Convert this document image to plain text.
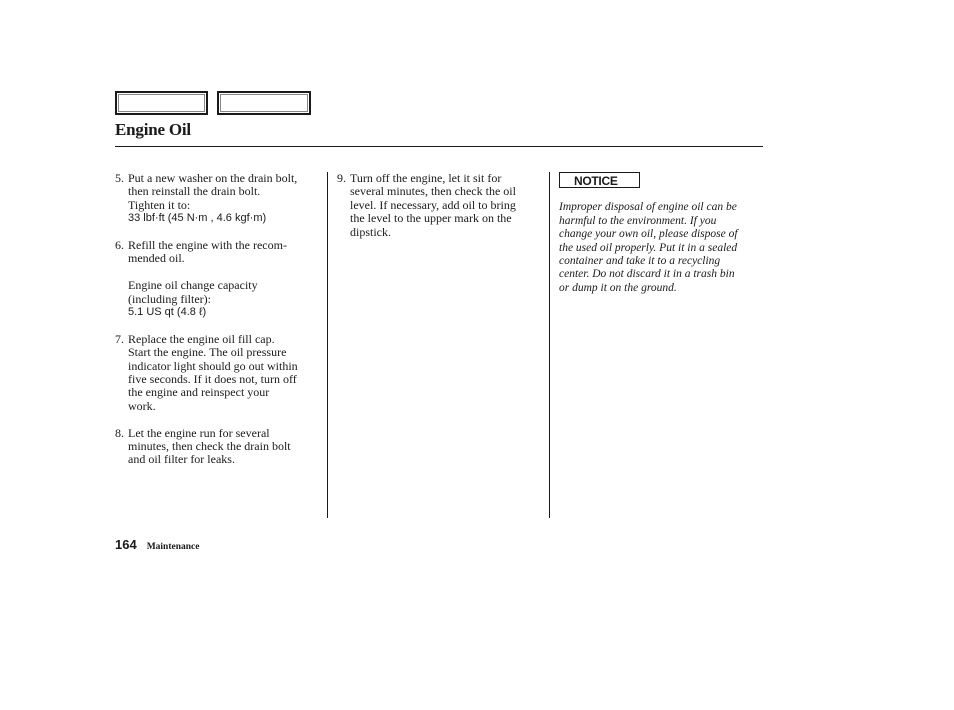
Engine Oil
5. Put a new washer on the drain bolt,
then reinstall the drain bolt.
Tighten it to:
33 lbf·ft (45 N·m , 4.6 kgf·m)
6. Refill the engine with the recom-
mended oil.
Engine oil change capacity
(including filter):
5.1 US qt (4.8 ℓ)
7. Replace the engine oil fill cap.
Start the engine. The oil pressure
indicator light should go out within
five seconds. If it does not, turn off
the engine and reinspect your
work.
8. Let the engine run for several
minutes, then check the drain bolt
and oil filter for leaks.
9. Turn off the engine, let it sit for
several minutes, then check the oil
level. If necessary, add oil to bring
the level to the upper mark on the
dipstick.
NOTICE
Improper disposal of engine oil can be
harmful to the environment. If you
change your own oil, please dispose of
the used oil properly. Put it in a sealed
container and take it to a recycling
center. Do not discard it in a trash bin
or dump it on the ground.
164 Maintenance
